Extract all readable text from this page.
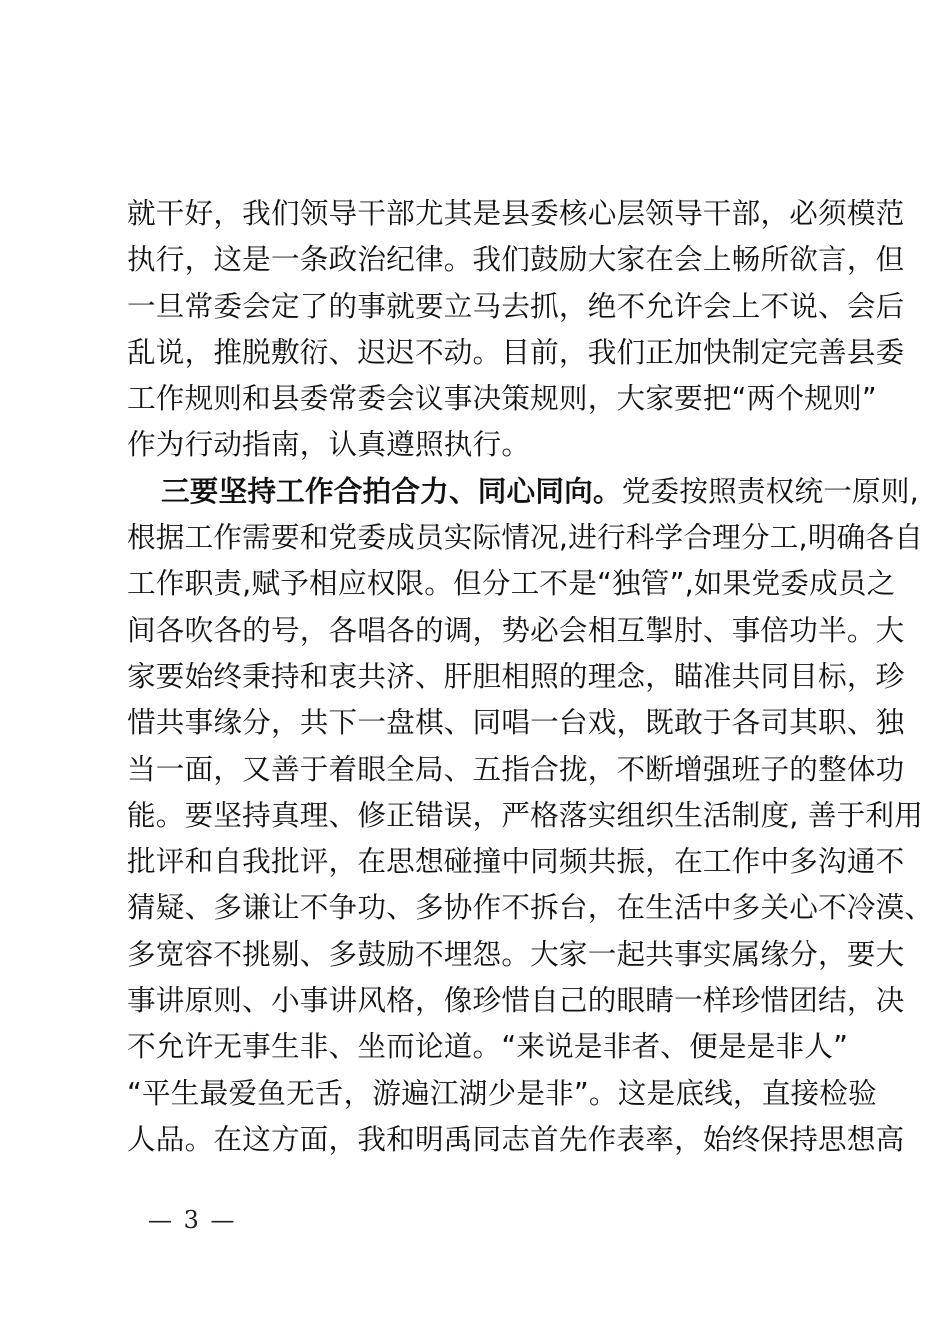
就干好，我们领导干部尤其是县委核心层领导干部，必须模范
执行，这是一条政治纪律。我们鼓励大家在会上畅所欲言，但
一旦常委会定了的事就要立马去抓，绝不允许会上不说、会后
乱说，推脱敷衍、迟迟不动。目前，我们正加快制定完善县委
工作规则和县委常委会议事决策规则，大家要把“两个规则”
作为行动指南，认真遵照执行。
三要坚持工作合拍合力、同心同向。党委按照责权统一原则,
根据工作需要和党委成员实际情况,进行科学合理分工,明确各自
工作职责,赋予相应权限。但分工不是“独管”,如果党委成员之
间各吹各的号，各唱各的调，势必会相互掣肘、事倍功半。大
家要始终秉持和衷共济、肝胆相照的理念，瞄准共同目标，珍
惜共事缘分，共下一盘棋、同唱一台戏，既敢于各司其职、独
当一面，又善于着眼全局、五指合拢，不断增强班子的整体功
能。要坚持真理、修正错误，严格落实组织生活制度, 善于利用
批评和自我批评，在思想碰撞中同频共振，在工作中多沟通不
猜疑、多谦让不争功、多协作不拆台，在生活中多关心不冷漠、
多宽容不挑剔、多鼓励不埋怨。大家一起共事实属缘分，要大
事讲原则、小事讲风格，像珍惜自己的眼睛一样珍惜团结，决
不允许无事生非、坐而论道。“来说是非者、便是是非人”
“平生最爱鱼无舌，游遍江湖少是非”。这是底线，直接检验
人品。在这方面，我和明禹同志首先作表率，始终保持思想高
— 3 —
